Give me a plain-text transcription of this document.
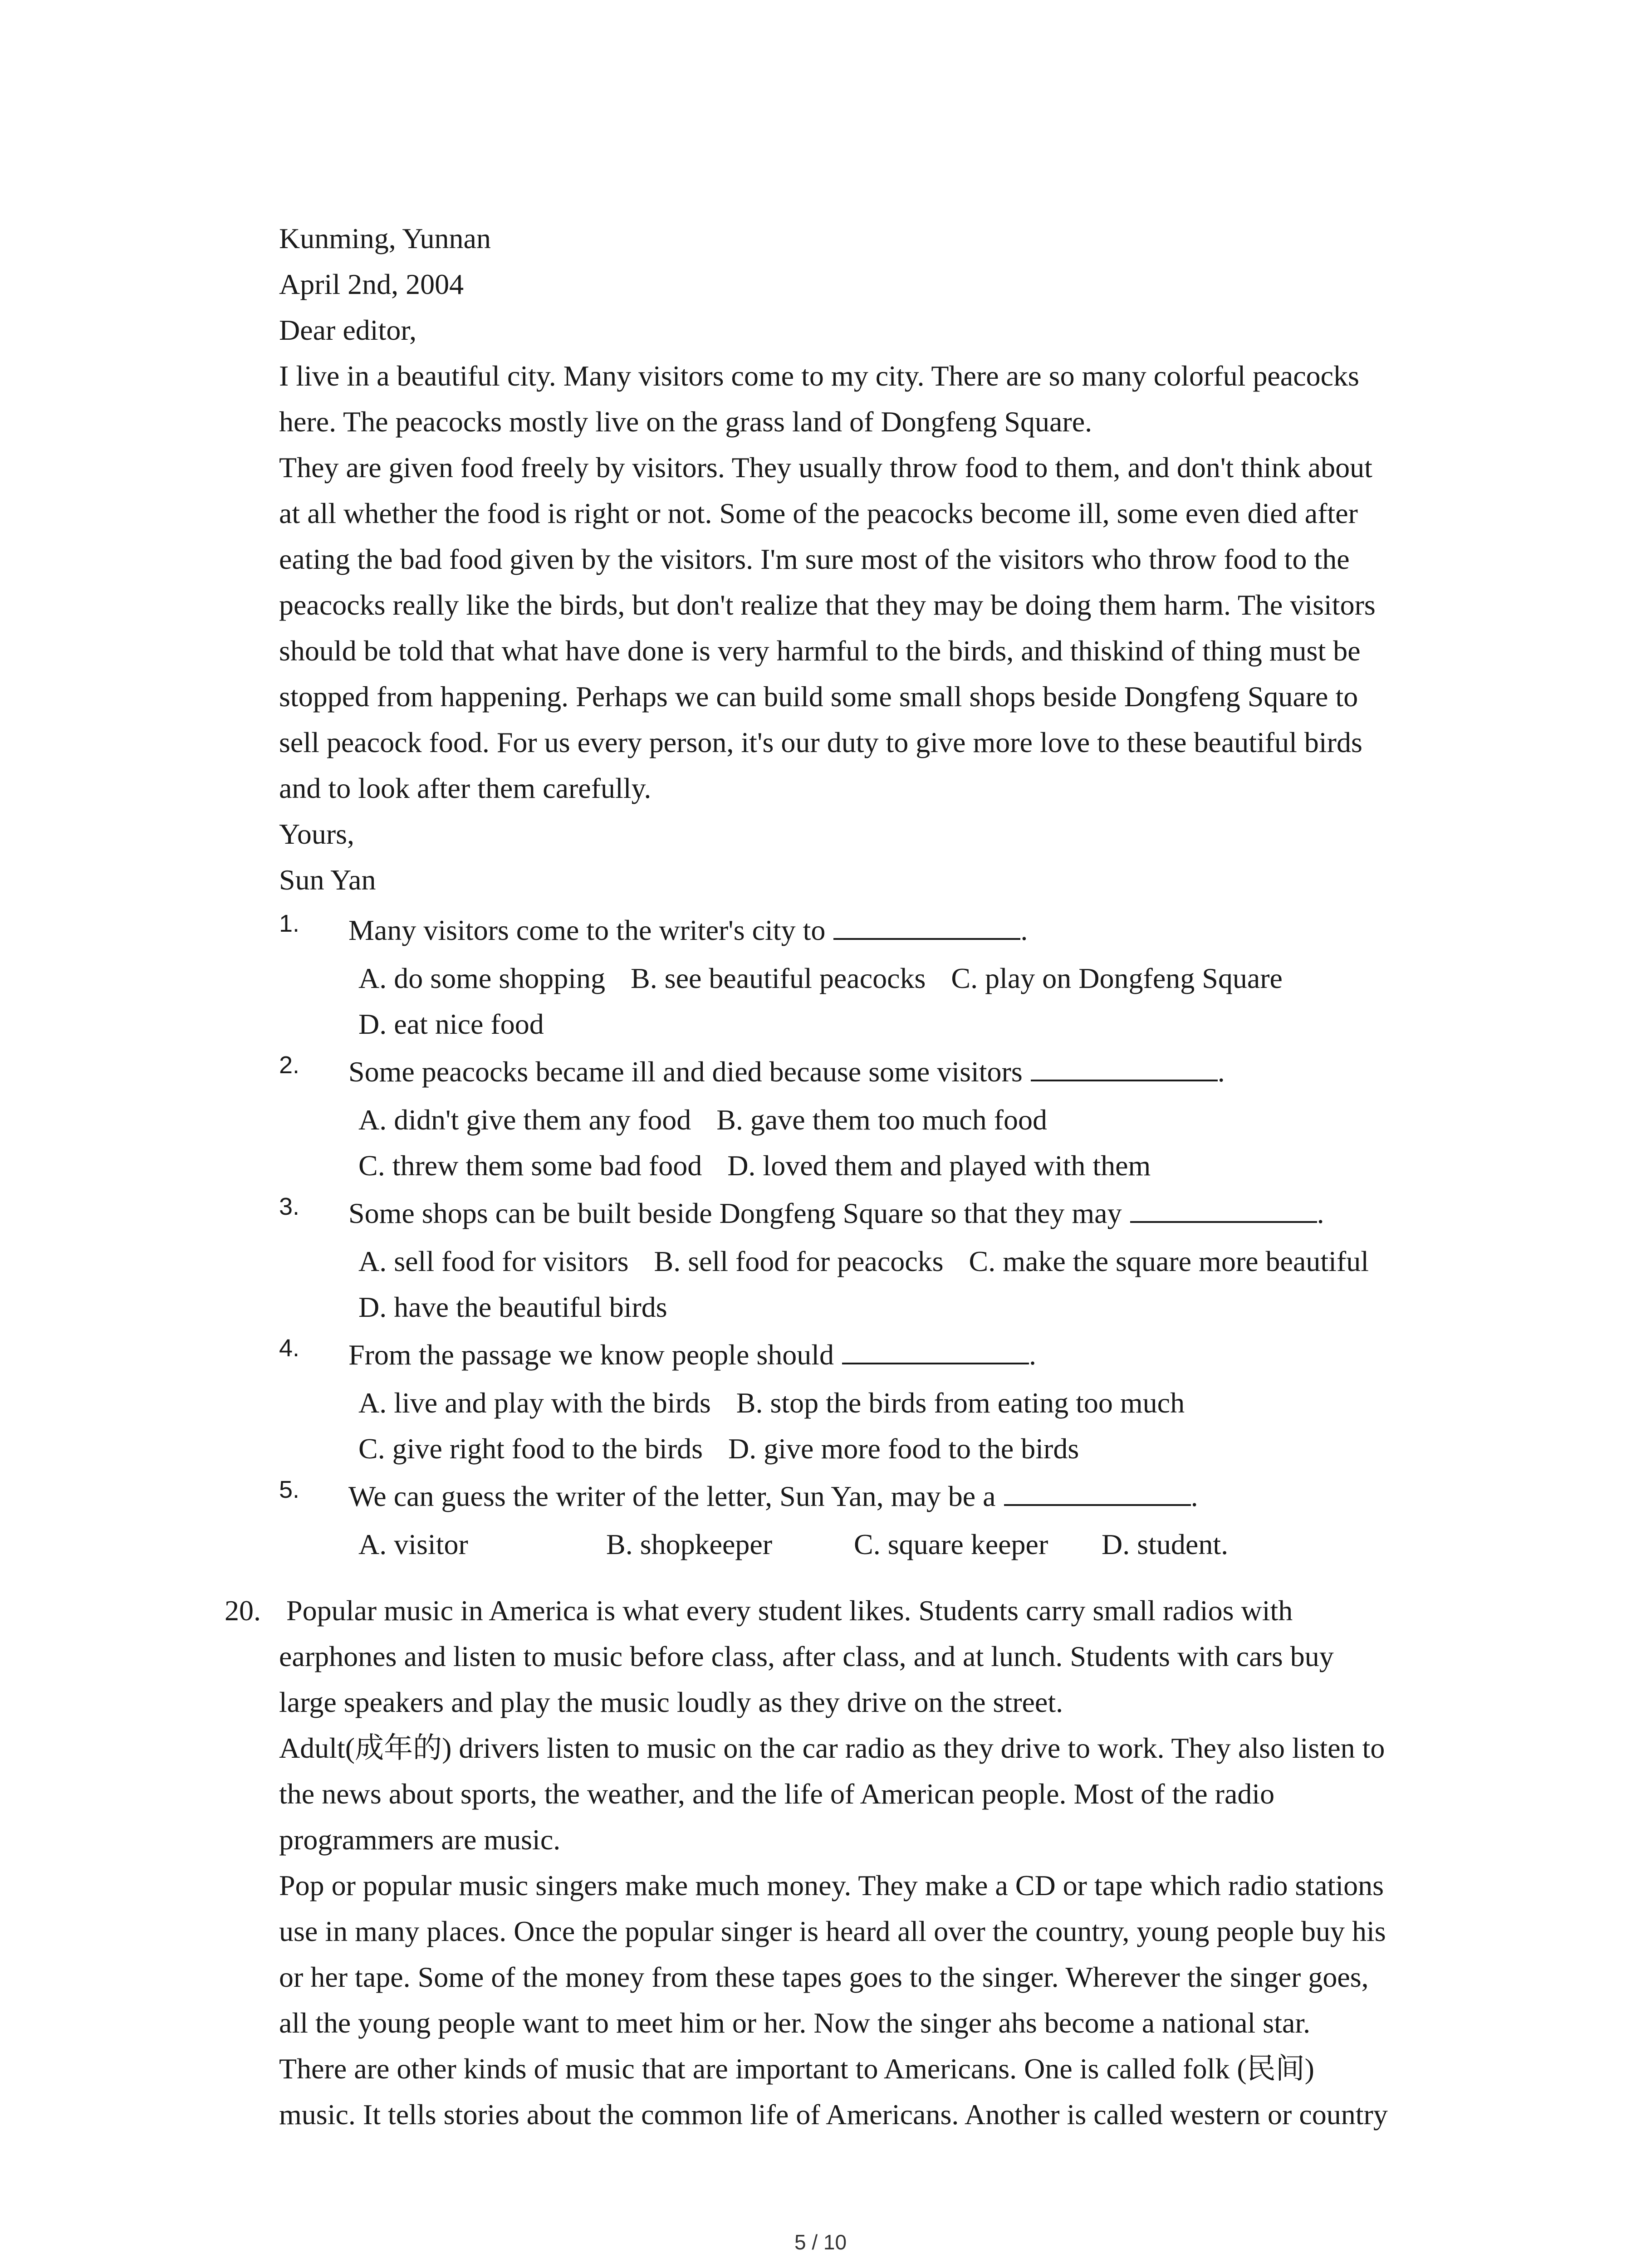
Kunming, Yunnan
April 2nd, 2004
Dear editor,
I live in a beautiful city. Many visitors come to my city. There are so many colorful peacocks
here. The peacocks mostly live on the grass land of Dongfeng Square.
They are given food freely by visitors. They usually throw food to them, and don't think about
at all whether the food is right or not. Some of the peacocks become ill, some even died after
eating the bad food given by the visitors. I'm sure most of the visitors who throw food to the
peacocks really like the birds, but don't realize that they may be doing them harm. The visitors
should be told that what have done is very harmful to the birds, and thiskind of thing must be
stopped from happening. Perhaps we can build some small shops beside Dongfeng Square to
sell peacock food. For us every person, it's our duty to give more love to these beautiful birds
and to look after them carefully.
Yours,
Sun Yan
1.	Many visitors come to the writer's city to	.
A. do some shopping B. see beautiful peacocks C. play on Dongfeng Square
D. eat nice food
2.	Some peacocks became ill and died because some visitors	.
A. didn't give them any food B. gave them too much food
C. threw them some bad food D. loved them and played with them
3.	Some shops can be built beside Dongfeng Square so that they may	.
A. sell food for visitors B. sell food for peacocks C. make the square more beautiful
D. have the beautiful birds
4.	From the passage we know people should	.
A. live and play with the birds B. stop the birds from eating too much
C. give right food to the birds D. give more food to the birds
5.	We can guess the writer of the letter, Sun Yan, may be a	.
A. visitor	B. shopkeeper	C. square keeper D. student.
20. Popular music in America is what every student likes. Students carry small radios with
earphones and listen to music before class, after class, and at lunch. Students with cars buy
large speakers and play the music loudly as they drive on the street.
Adult(成年的) drivers listen to music on the car radio as they drive to work. They also listen to
the news about sports, the weather, and the life of American people. Most of the radio
programmers are music.
Pop or popular music singers make much money. They make a CD or tape which radio stations
use in many places. Once the popular singer is heard all over the country, young people buy his
or her tape. Some of the money from these tapes goes to the singer. Wherever the singer goes,
all the young people want to meet him or her. Now the singer ahs become a national star.
There are other kinds of music that are important to Americans. One is called folk (民间)
music. It tells stories about the common life of Americans. Another is called western or country
5 / 10
